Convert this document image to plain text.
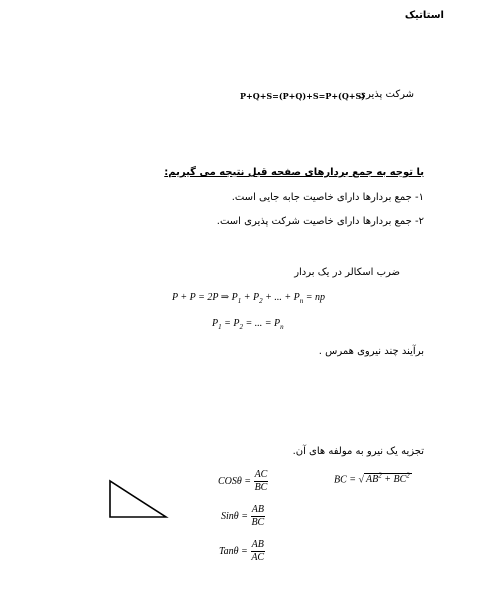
استاتیک
شرکت پذیری
P+Q+S=(P+Q)+S=P+(Q+S)
با توجه به جمع بردارهای صفحه قبل نتیجه می گیریم:
۱- جمع بردارها دارای خاصیت جابه جایی است.
۲- جمع بردارها دارای خاصیت شرکت پذیری است.
ضرب اسکالر در یک بردار
P + P = 2P ⇒ $P_1 + P_2$ + ... + $P_n$ = np
$P_1 = P_2$ = ... = $P_n$
برآیند چند نیروی همرس .
تجزیه یک نیرو به مولفه های آن.
BC = √ $AB^2 + BC^2$
$COS\theta = \frac{AC}{BC}$
$Sin\theta = \frac{AB}{BC}$
$Tan\theta = \frac{AB}{AC}$
